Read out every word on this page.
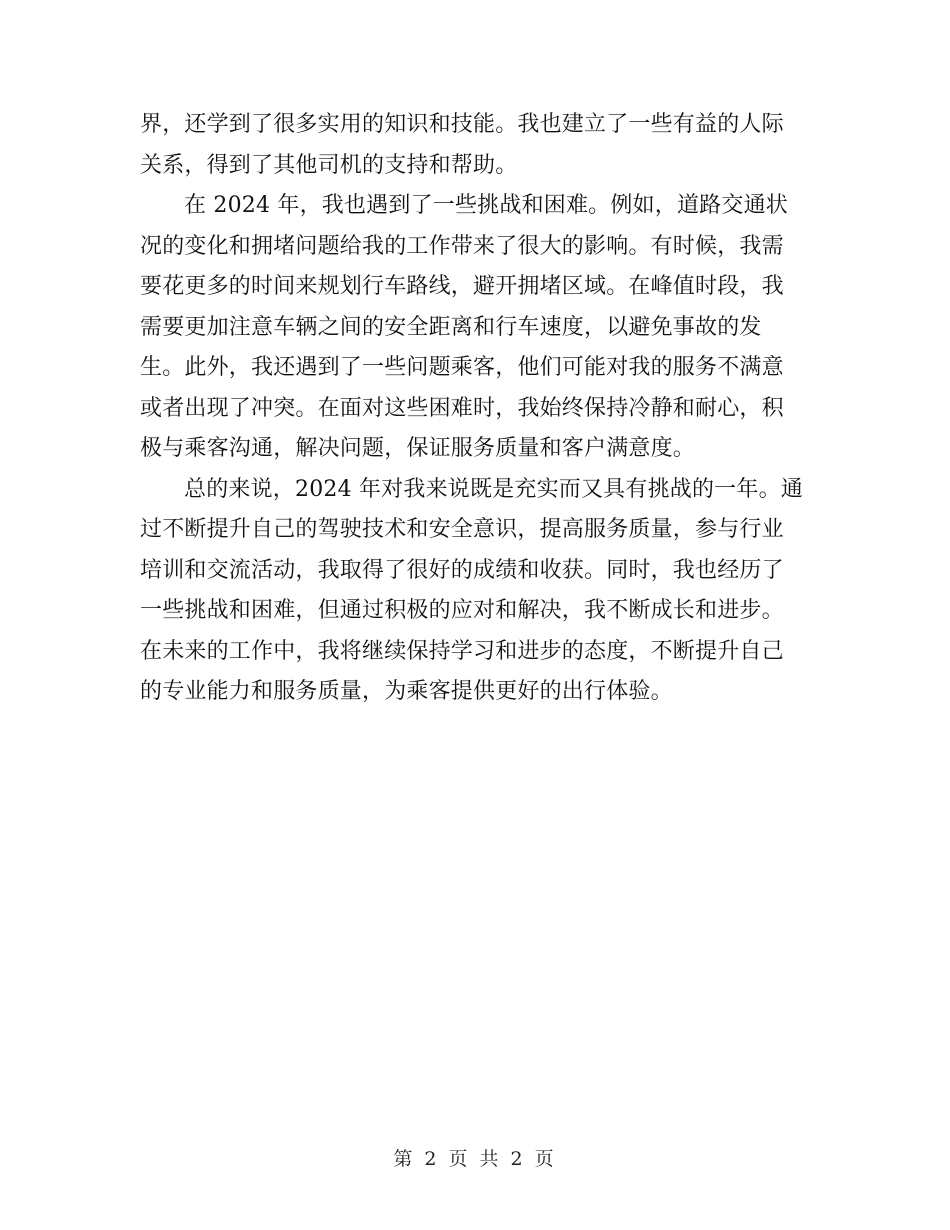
界，还学到了很多实用的知识和技能。我也建立了一些有益的人际关系，得到了其他司机的支持和帮助。

在 2024 年，我也遇到了一些挑战和困难。例如，道路交通状况的变化和拥堵问题给我的工作带来了很大的影响。有时候，我需要花更多的时间来规划行车路线，避开拥堵区域。在峰值时段，我需要更加注意车辆之间的安全距离和行车速度，以避免事故的发生。此外，我还遇到了一些问题乘客，他们可能对我的服务不满意或者出现了冲突。在面对这些困难时，我始终保持冷静和耐心，积极与乘客沟通，解决问题，保证服务质量和客户满意度。

总的来说，2024 年对我来说既是充实而又具有挑战的一年。通过不断提升自己的驾驶技术和安全意识，提高服务质量，参与行业培训和交流活动，我取得了很好的成绩和收获。同时，我也经历了一些挑战和困难，但通过积极的应对和解决，我不断成长和进步。在未来的工作中，我将继续保持学习和进步的态度，不断提升自己的专业能力和服务质量，为乘客提供更好的出行体验。

第 2 页 共 2 页
